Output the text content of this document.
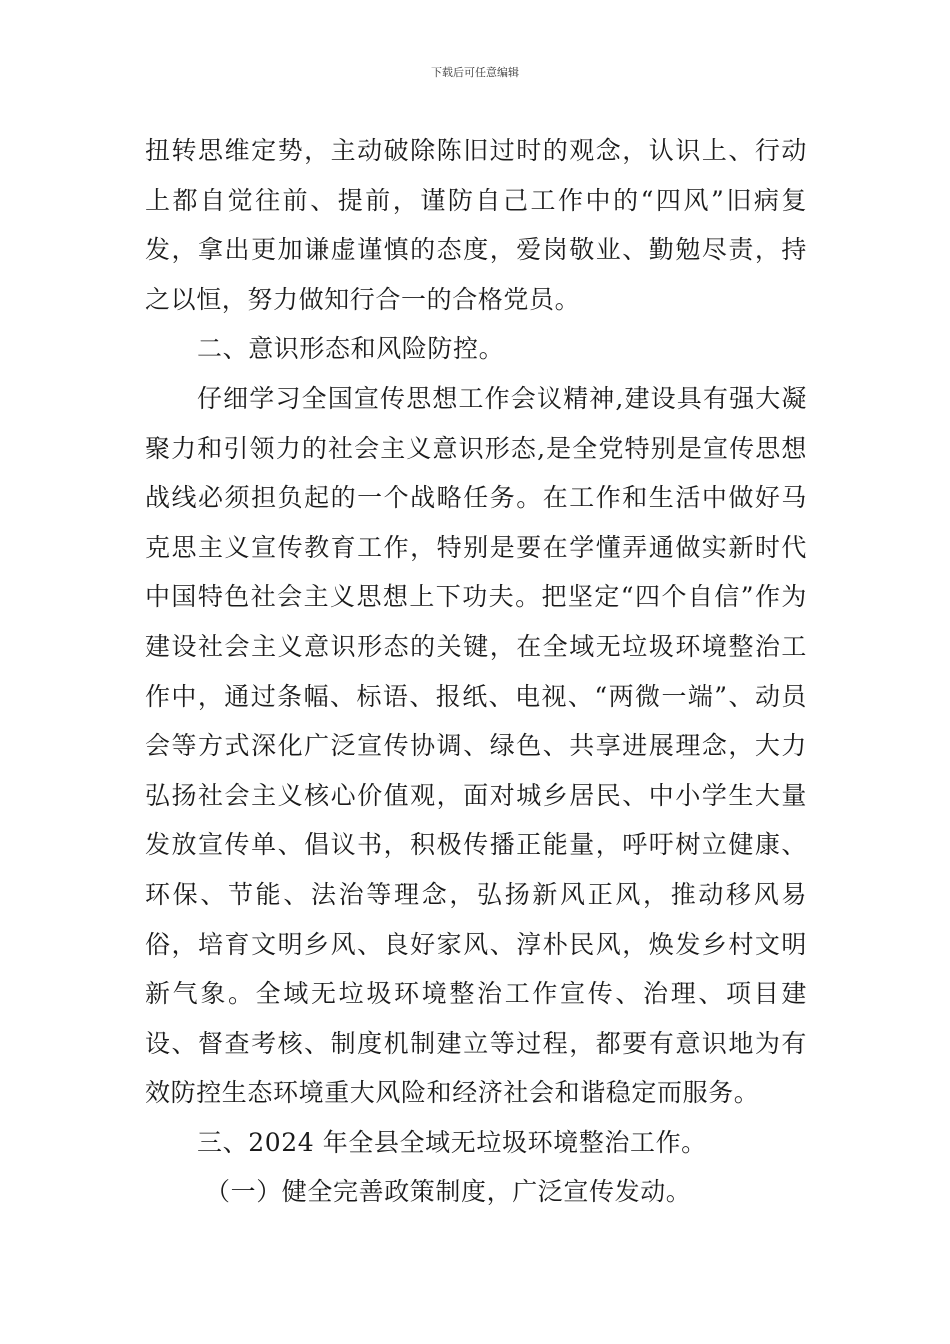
下载后可任意编辑

扭转思维定势，主动破除陈旧过时的观念，认识上、行动上都自觉往前、提前，谨防自己工作中的“四风”旧病复发，拿出更加谦虚谨慎的态度，爱岗敬业、勤勉尽责，持之以恒，努力做知行合一的合格党员。

二、意识形态和风险防控。

仔细学习全国宣传思想工作会议精神,建设具有强大凝聚力和引领力的社会主义意识形态,是全党特别是宣传思想战线必须担负起的一个战略任务。在工作和生活中做好马克思主义宣传教育工作，特别是要在学懂弄通做实新时代中国特色社会主义思想上下功夫。把坚定“四个自信”作为建设社会主义意识形态的关键，在全域无垃圾环境整治工作中，通过条幅、标语、报纸、电视、“两微一端”、动员会等方式深化广泛宣传协调、绿色、共享进展理念，大力弘扬社会主义核心价值观，面对城乡居民、中小学生大量发放宣传单、倡议书，积极传播正能量，呼吁树立健康、环保、节能、法治等理念，弘扬新风正风，推动移风易俗，培育文明乡风、良好家风、淳朴民风，焕发乡村文明新气象。全域无垃圾环境整治工作宣传、治理、项目建设、督查考核、制度机制建立等过程，都要有意识地为有效防控生态环境重大风险和经济社会和谐稳定而服务。

三、2024 年全县全域无垃圾环境整治工作。

（一）健全完善政策制度，广泛宣传发动。
